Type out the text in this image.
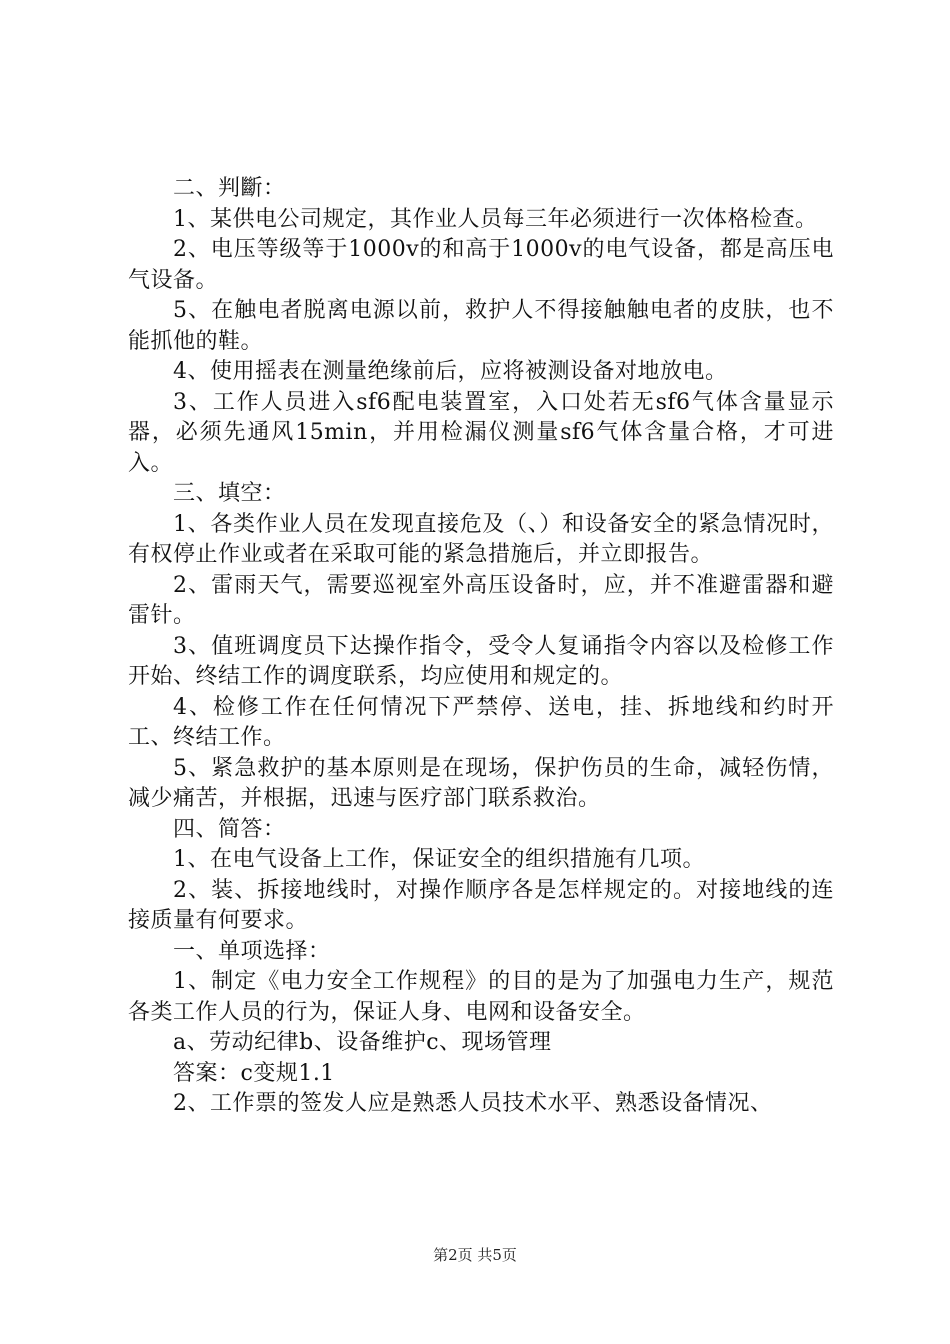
二、判斷：

1、某供电公司规定，其作业人员每三年必须进行一次体格检查。

2、电压等级等于1000v的和高于1000v的电气设备，都是高压电气设备。

5、在触电者脱离电源以前，救护人不得接触触电者的皮肤，也不能抓他的鞋。

4、使用摇表在测量绝缘前后，应将被测设备对地放电。

3、工作人员进入sf6配电装置室，入口处若无sf6气体含量显示器，必须先通风15min，并用检漏仪测量sf6气体含量合格，才可进入。

三、填空：

1、各类作业人员在发现直接危及（、）和设备安全的紧急情况时，有权停止作业或者在采取可能的紧急措施后，并立即报告。

2、雷雨天气，需要巡视室外高压设备时，应，并不准避雷器和避雷针。

3、值班调度员下达操作指令，受令人复诵指令内容以及检修工作开始、终结工作的调度联系，均应使用和规定的。

4、检修工作在任何情况下严禁停、送电，挂、拆地线和约时开工、终结工作。

5、紧急救护的基本原则是在现场，保护伤员的生命，减轻伤情，减少痛苦，并根据，迅速与医疗部门联系救治。

四、简答：

1、在电气设备上工作，保证安全的组织措施有几项。

2、装、拆接地线时，对操作顺序各是怎样规定的。对接地线的连接质量有何要求。

一、单项选择：

1、制定《电力安全工作规程》的目的是为了加强电力生产，规范各类工作人员的行为，保证人身、电网和设备安全。

a、劳动纪律b、设备维护c、现场管理

答案：c变规1.1

2、工作票的签发人应是熟悉人员技术水平、熟悉设备情况、

第2页 共5页
